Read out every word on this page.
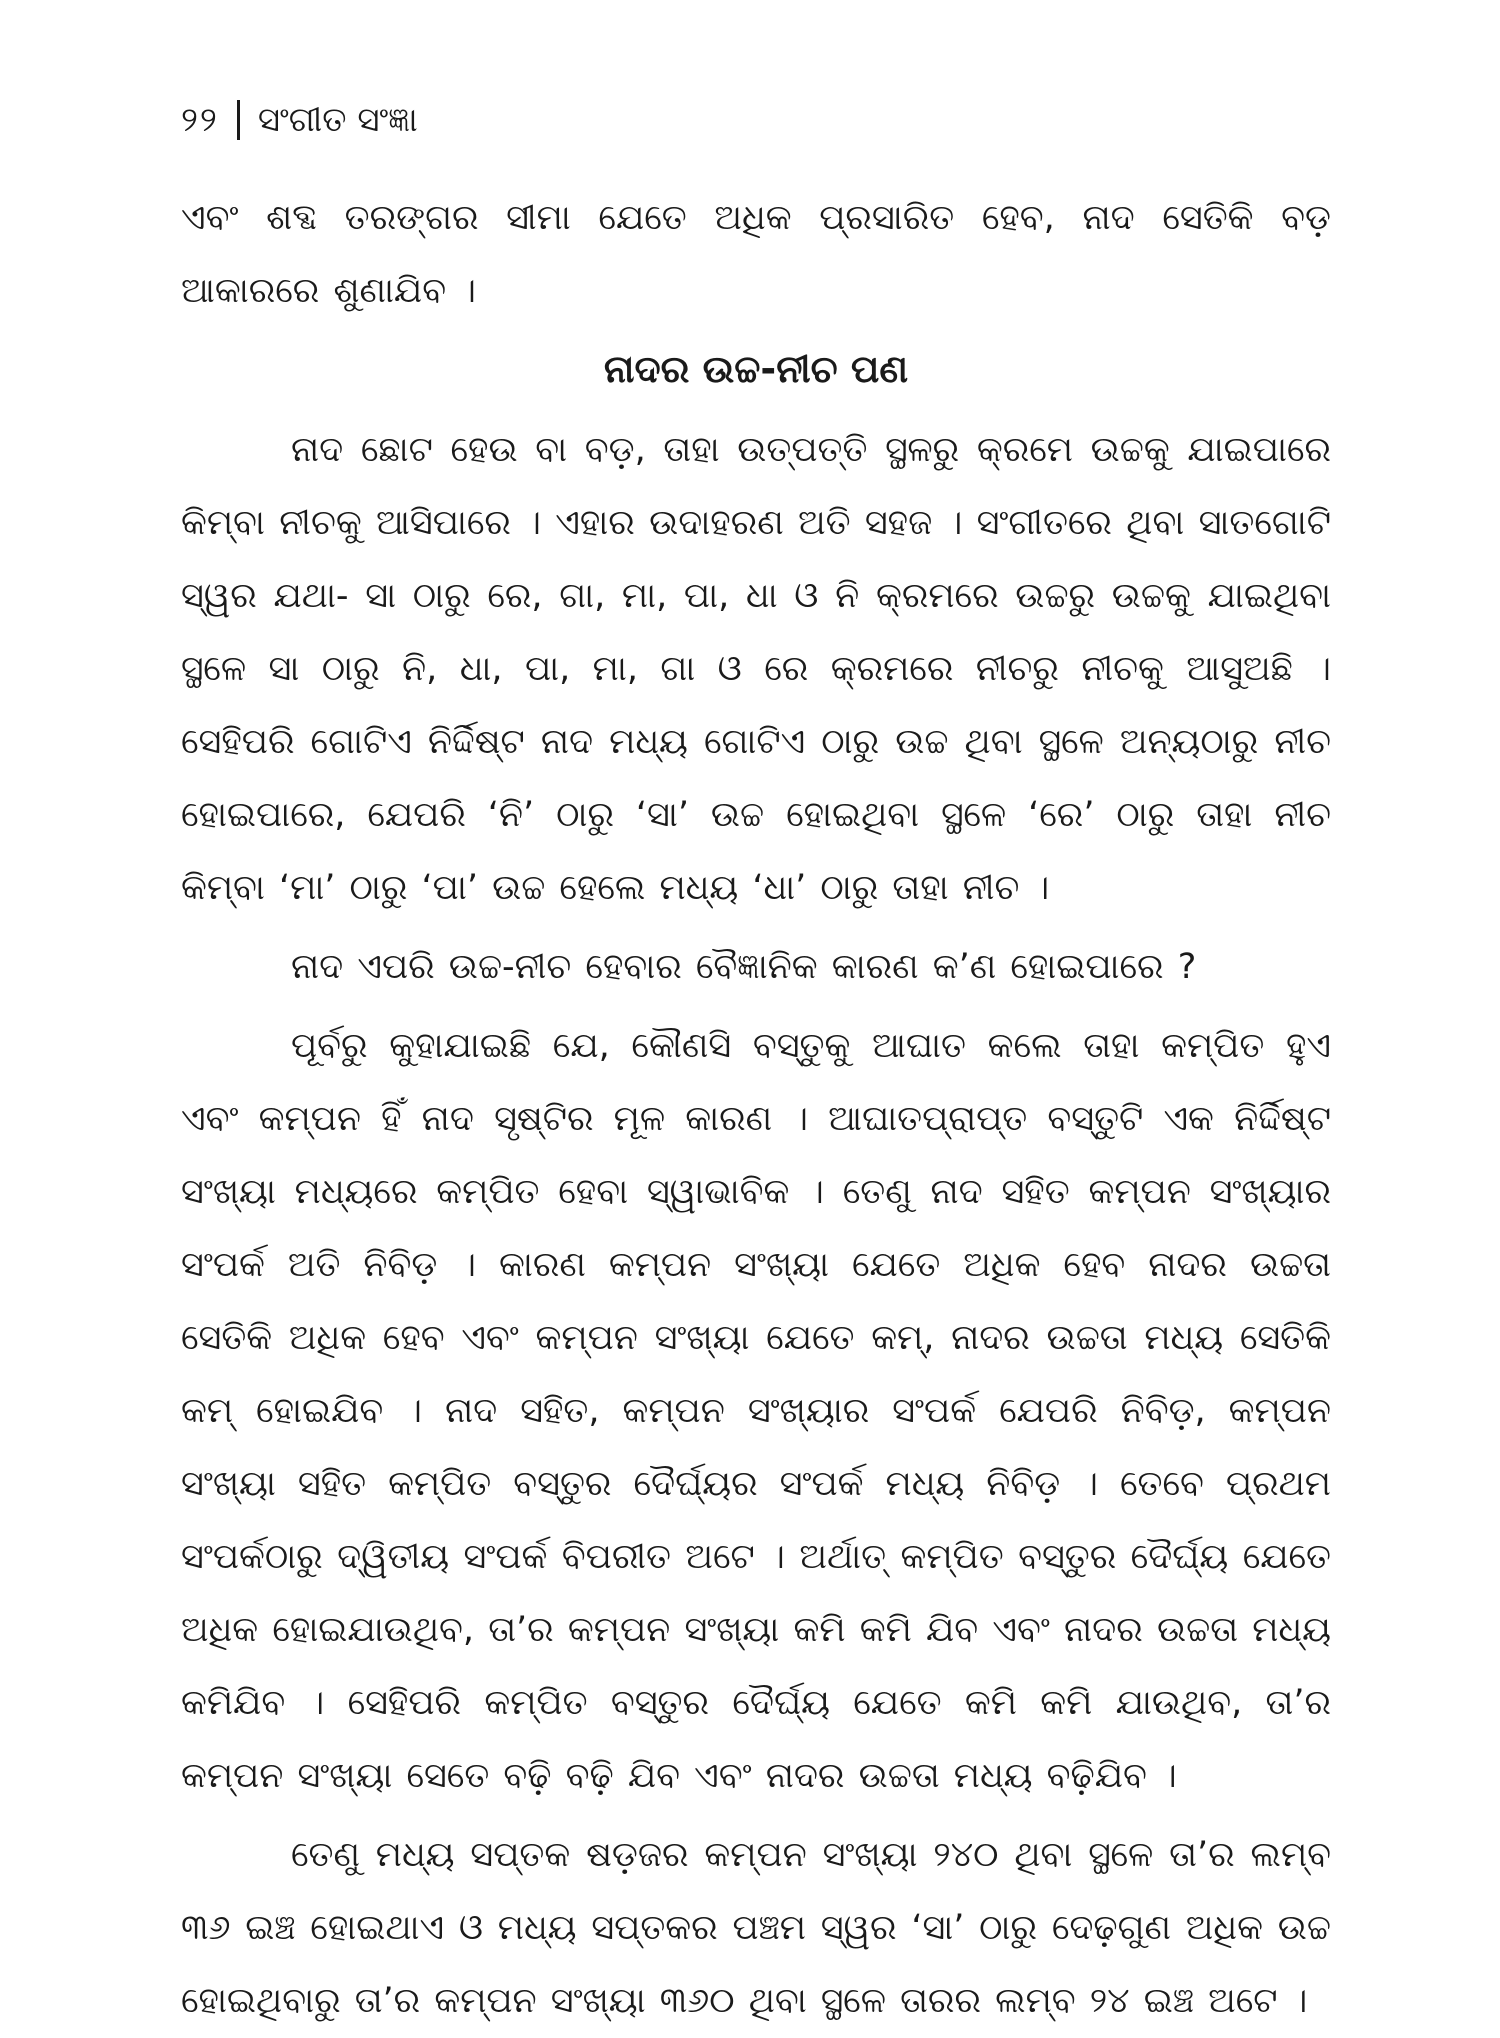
୨୨ ସଂଗୀତ ସଂଜ୍ଞା

ଏବଂ ଶବ୍ଦ ତରଙ୍ଗର ସୀମା ଯେତେ ଅଧିକ ପ୍ରସାରିତ ହେବ, ନାଦ ସେତିକି ବଡ଼ ଆକାରରେ ଶୁଣାଯିବ ।

ନାଦର ଉଚ୍ଚ-ନୀଚ ପଣ

ନାଦ ଛୋଟ ହେଉ ବା ବଡ଼, ତାହା ଉତ୍ପତ୍ତି ସ୍ଥଳରୁ କ୍ରମେ ଉଚ୍ଚକୁ ଯାଇପାରେ କିମ୍ବା ନୀଚକୁ ଆସିପାରେ । ଏହାର ଉଦାହରଣ ଅତି ସହଜ । ସଂଗୀତରେ ଥିବା ସାତଗୋଟି ସ୍ୱର ଯଥା- ସା ଠାରୁ ରେ, ଗା, ମା, ପା, ଧା ଓ ନି କ୍ରମରେ ଉଚ୍ଚରୁ ଉଚ୍ଚକୁ ଯାଇଥିବା ସ୍ଥଳେ ସା ଠାରୁ ନି, ଧା, ପା, ମା, ଗା ଓ ରେ କ୍ରମରେ ନୀଚରୁ ନୀଚକୁ ଆସୁଅଛି । ସେହିପରି ଗୋଟିଏ ନିର୍ଦ୍ଦିଷ୍ଟ ନାଦ ମଧ୍ୟ ଗୋଟିଏ ଠାରୁ ଉଚ୍ଚ ଥିବା ସ୍ଥଳେ ଅନ୍ୟଠାରୁ ନୀଚ ହୋଇପାରେ, ଯେପରି ‘ନି’ ଠାରୁ ‘ସା’ ଉଚ୍ଚ ହୋଇଥିବା ସ୍ଥଳେ ‘ରେ’ ଠାରୁ ତାହା ନୀଚ କିମ୍ବା ‘ମା’ ଠାରୁ ‘ପା’ ଉଚ୍ଚ ହେଲେ ମଧ୍ୟ ‘ଧା’ ଠାରୁ ତାହା ନୀଚ ।

ନାଦ ଏପରି ଉଚ୍ଚ-ନୀଚ ହେବାର ବୈଜ୍ଞାନିକ କାରଣ କ’ଣ ହୋଇପାରେ ?

ପୂର୍ବରୁ କୁହାଯାଇଛି ଯେ, କୌଣସି ବସ୍ତୁକୁ ଆଘାତ କଲେ ତାହା କମ୍ପିତ ହୁଏ ଏବଂ କମ୍ପନ ହିଁ ନାଦ ସୃଷ୍ଟିର ମୂଳ କାରଣ । ଆଘାତପ୍ରାପ୍ତ ବସ୍ତୁଟି ଏକ ନିର୍ଦ୍ଦିଷ୍ଟ ସଂଖ୍ୟା ମଧ୍ୟରେ କମ୍ପିତ ହେବା ସ୍ୱାଭାବିକ । ତେଣୁ ନାଦ ସହିତ କମ୍ପନ ସଂଖ୍ୟାର ସଂପର୍କ ଅତି ନିବିଡ଼ । କାରଣ କମ୍ପନ ସଂଖ୍ୟା ଯେତେ ଅଧିକ ହେବ ନାଦର ଉଚ୍ଚତା ସେତିକି ଅଧିକ ହେବ ଏବଂ କମ୍ପନ ସଂଖ୍ୟା ଯେତେ କମ୍, ନାଦର ଉଚ୍ଚତା ମଧ୍ୟ ସେତିକି କମ୍ ହୋଇଯିବ । ନାଦ ସହିତ, କମ୍ପନ ସଂଖ୍ୟାର ସଂପର୍କ ଯେପରି ନିବିଡ଼, କମ୍ପନ ସଂଖ୍ୟା ସହିତ କମ୍ପିତ ବସ୍ତୁର ଦୈର୍ଘ୍ୟର ସଂପର୍କ ମଧ୍ୟ ନିବିଡ଼ । ତେବେ ପ୍ରଥମ ସଂପର୍କଠାରୁ ଦ୍ୱିତୀୟ ସଂପର୍କ ବିପରୀତ ଅଟେ । ଅର୍ଥାତ୍ କମ୍ପିତ ବସ୍ତୁର ଦୈର୍ଘ୍ୟ ଯେତେ ଅଧିକ ହୋଇଯାଉଥିବ, ତା’ର କମ୍ପନ ସଂଖ୍ୟା କମି କମି ଯିବ ଏବଂ ନାଦର ଉଚ୍ଚତା ମଧ୍ୟ କମିଯିବ । ସେହିପରି କମ୍ପିତ ବସ୍ତୁର ଦୈର୍ଘ୍ୟ ଯେତେ କମି କମି ଯାଉଥିବ, ତା’ର କମ୍ପନ ସଂଖ୍ୟା ସେତେ ବଢ଼ି ବଢ଼ି ଯିବ ଏବଂ ନାଦର ଉଚ୍ଚତା ମଧ୍ୟ ବଢ଼ିଯିବ ।

ତେଣୁ ମଧ୍ୟ ସପ୍ତକ ଷଡ଼ଜର କମ୍ପନ ସଂଖ୍ୟା ୨୪୦ ଥିବା ସ୍ଥଳେ ତା’ର ଲମ୍ବ ୩୬ ଇଞ୍ଚ ହୋଇଥାଏ ଓ ମଧ୍ୟ ସପ୍ତକର ପଞ୍ଚମ ସ୍ୱର ‘ସା’ ଠାରୁ ଦେଢ଼ଗୁଣ ଅଧିକ ଉଚ୍ଚ ହୋଇଥିବାରୁ ତା’ର କମ୍ପନ ସଂଖ୍ୟା ୩୬୦ ଥିବା ସ୍ଥଳେ ତାରର ଲମ୍ବ ୨୪ ଇଞ୍ଚ ଅଟେ ।
